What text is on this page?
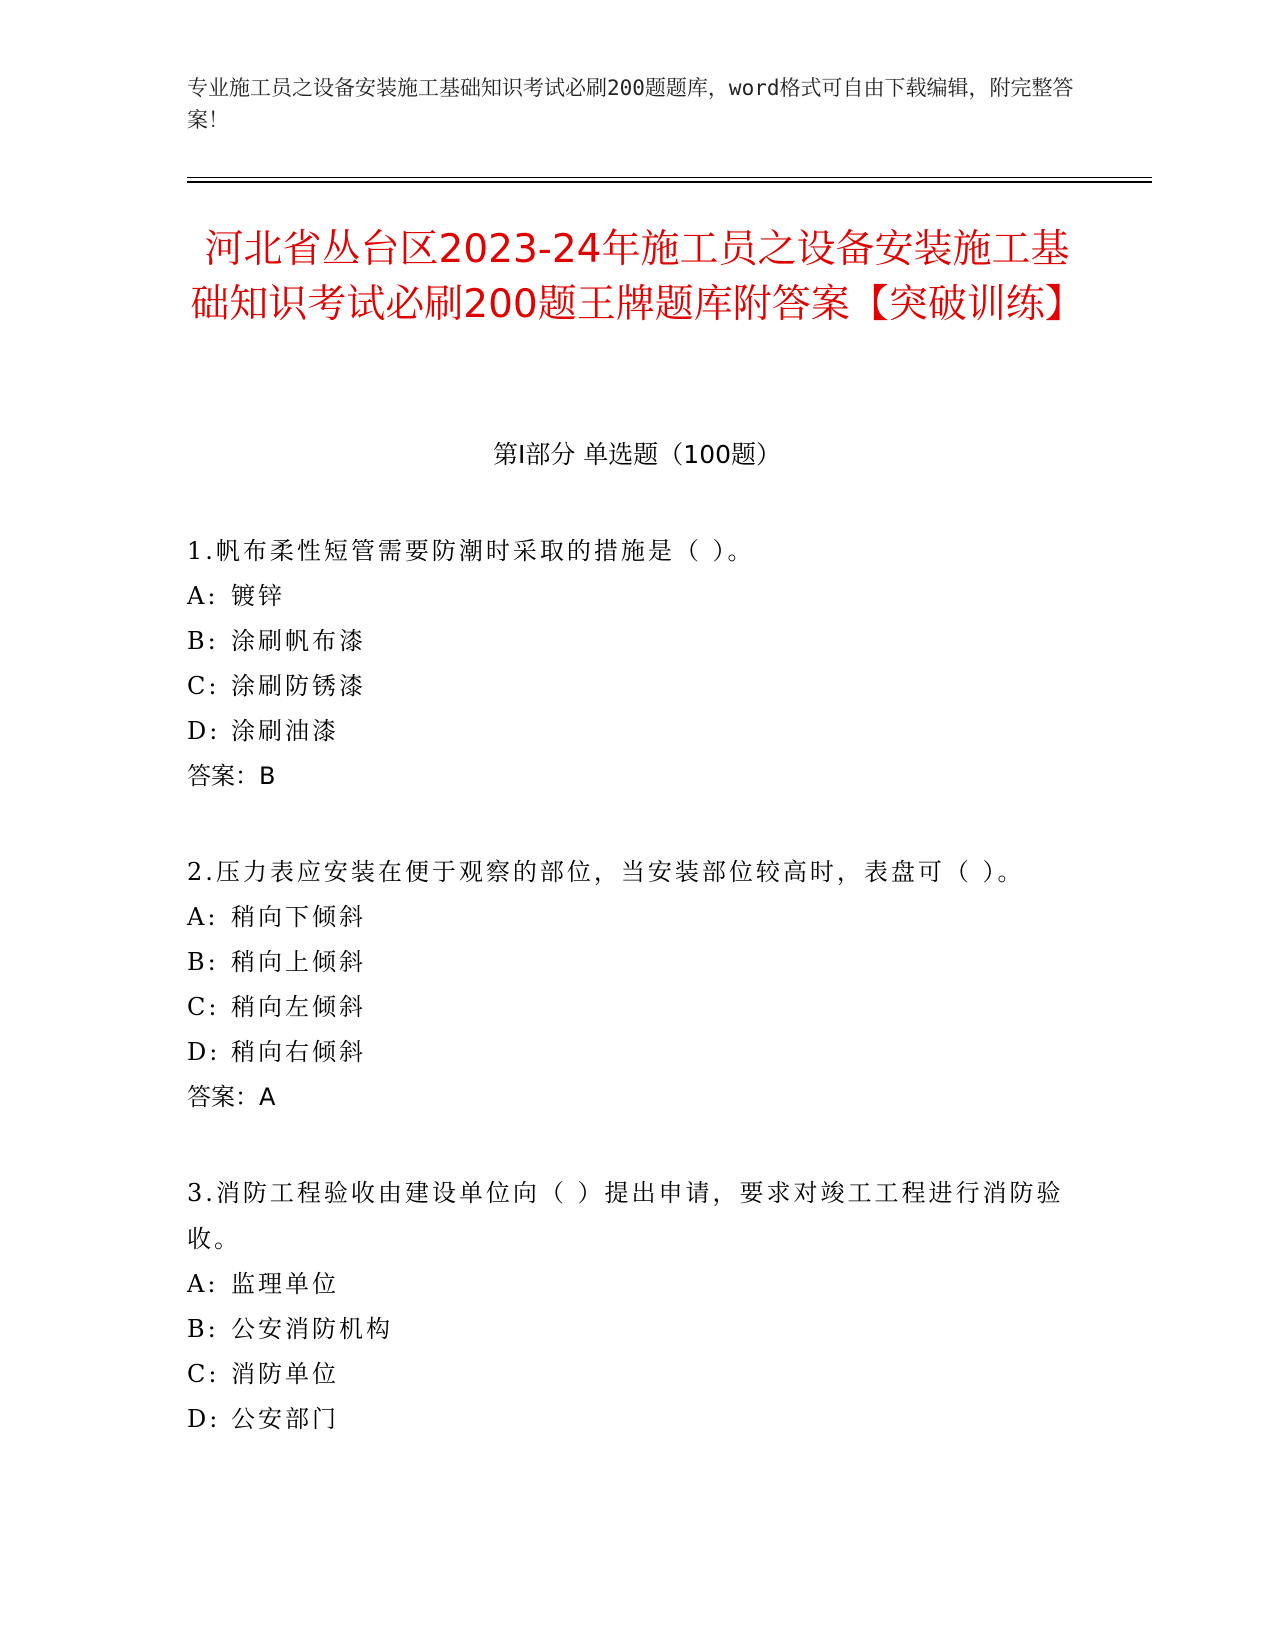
专业施工员之设备安装施工基础知识考试必刷200题题库，word格式可自由下载编辑，附完整答案！
河北省丛台区2023-24年施工员之设备安装施工基础知识考试必刷200题王牌题库附答案【突破训练】
第Ⅰ部分 单选题（100题）

1.帆布柔性短管需要防潮时采取的措施是（ ）。

A: 镀锌

B: 涂刷帆布漆

C: 涂刷防锈漆

D: 涂刷油漆

答案：B

2.压力表应安装在便于观察的部位，当安装部位较高时，表盘可（ ）。

A: 稍向下倾斜

B: 稍向上倾斜

C: 稍向左倾斜

D: 稍向右倾斜

答案：A

3.消防工程验收由建设单位向（ ）提出申请，要求对竣工工程进行消防验收。

A: 监理单位

B: 公安消防机构

C: 消防单位

D: 公安部门
